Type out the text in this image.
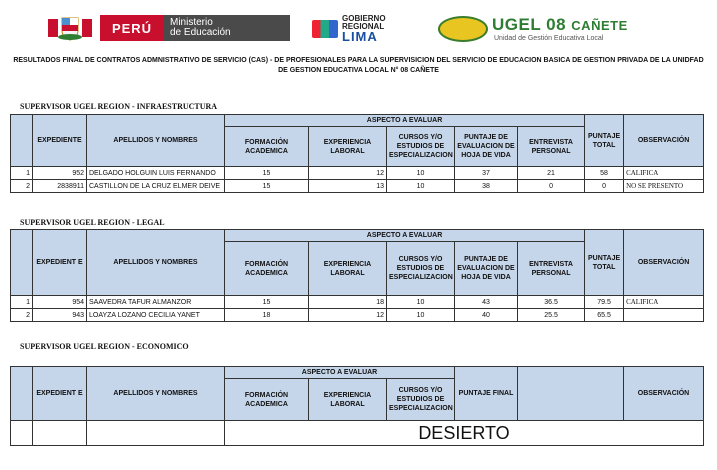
PERÚ	Ministerio
de Educación
GOBIERNO
REGIONAL
LIMA
UGEL 08 CAÑETE
Unidad de Gestión Educativa Local
RESULTADOS FINAL DE CONTRATOS ADMNISTRATIVO DE SERVICIO (CAS) - DE PROFESIONALES PARA LA SUPERVISICION DEL SERVICIO DE EDUCACION BASICA DE GESTION PRIVADA DE LA UNIDFAD DE GESTION EDUCATIVA LOCAL N° 08 CAÑETE
SUPERVISOR UGEL REGION - INFRAESTRUCTURA
	EXPEDIENTE	APELLIDOS Y NOMBRES	ASPECTO A EVALUAR					PUNTAJE TOTAL	OBSERVACIÓN
			FORMACIÓN ACADEMICA	EXPERIENCIA LABORAL	CURSOS Y/O ESTUDIOS DE ESPECIALIZACION	PUNTAJE DE EVALUACION DE HOJA DE VIDA	ENTREVISTA PERSONAL		
1	952	DELGADO HOLGUIN LUIS FERNANDO	15	12	10	37	21	58	CALIFICA
2	2838911	CASTILLON DE LA CRUZ ELMER DEIVE	15	13	10	38	0	0	NO SE PRESENTO
SUPERVISOR UGEL REGION - LEGAL
	EXPEDIENT E	APELLIDOS Y NOMBRES	ASPECTO A EVALUAR					PUNTAJE TOTAL	OBSERVACIÓN
			FORMACIÓN ACADEMICA	EXPERIENCIA LABORAL	CURSOS Y/O ESTUDIOS DE ESPECIALIZACION	PUNTAJE DE EVALUACION DE HOJA DE VIDA	ENTREVISTA PERSONAL		
1	954	SAAVEDRA TAFUR ALMANZOR	15	18	10	43	36.5	79.5	CALIFICA
2	943	LOAYZA LOZANO CECILIA YANET	18	12	10	40	25.5	65.5	
SUPERVISOR UGEL REGION - ECONOMICO
	EXPEDIENT E	APELLIDOS Y NOMBRES	ASPECTO A EVALUAR			PUNTAJE FINAL		OBSERVACIÓN
			FORMACIÓN ACADEMICA	EXPERIENCIA LABORAL	CURSOS Y/O ESTUDIOS DE ESPECIALIZACION			
			DESIERTO					
